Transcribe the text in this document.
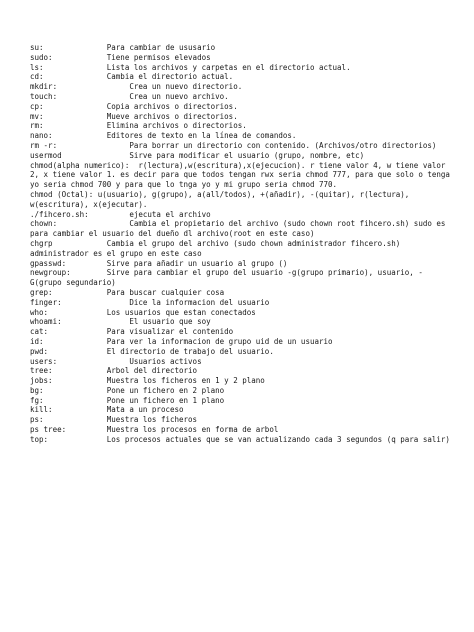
su:              Para cambiar de ususario

sudo:            Tiene permisos elevados

ls:              Lista los archivos y carpetas en el directorio actual.

cd:              Cambia el directorio actual.

mkdir:                Crea un nuevo directorio.

touch:                Crea un nuevo archivo.

cp:              Copia archivos o directorios.

mv:              Mueve archivos o directorios.

rm:              Elimina archivos o directorios.

nano:            Editores de texto en la línea de comandos.

rm -r:                Para borrar un directorio con contenido. (Archivos/otro directorios)

usermod               Sirve para modificar el usuario (grupo, nombre, etc)

chmod(alpha numerico):  r(lectura),w(escritura),x(ejecucion). r tiene valor 4, w tiene valor 2, x tiene valor 1. es decir para que todos tengan rwx seria chmod 777, para que solo o tenga yo seria chmod 700 y para que lo tnga yo y mi grupo seria chmod 770.

chmod (Octal): u(usuario), g(grupo), a(all/todos), +(añadir), -(quitar), r(lectura), w(escritura), x(ejecutar).

./fihcero.sh:         ejecuta el archivo

chown:                Cambia el propietario del archivo (sudo chown root fihcero.sh) sudo es para cambiar el usuario del dueño dl archivo(root en este caso)

chgrp            Cambia el grupo del archivo (sudo chown administrador fihcero.sh) administrador es el grupo en este caso

gpasswd:         Sirve para añadir un usuario al grupo ()

newgroup:        Sirve para cambiar el grupo del usuario -g(grupo primario), usuario, -G(grupo segundario)

grep:            Para buscar cualquier cosa

finger:               Dice la informacion del usuario

who:             Los usuarios que estan conectados

whoami:               El usuario que soy

cat:             Para visualizar el contenido

id:              Para ver la informacion de grupo uid de un usuario

pwd:             El directorio de trabajo del usuario.

users:                Usuarios activos

tree:            Arbol del directorio

jobs:            Muestra los ficheros en 1 y 2 plano

bg:              Pone un fichero en 2 plano

fg:              Pone un fichero en 1 plano

kill:            Mata a un proceso

ps:              Muestra los ficheros

ps tree:         Muestra los procesos en forma de arbol

top:             Los procesos actuales que se van actualizando cada 3 segundos (q para salir)
